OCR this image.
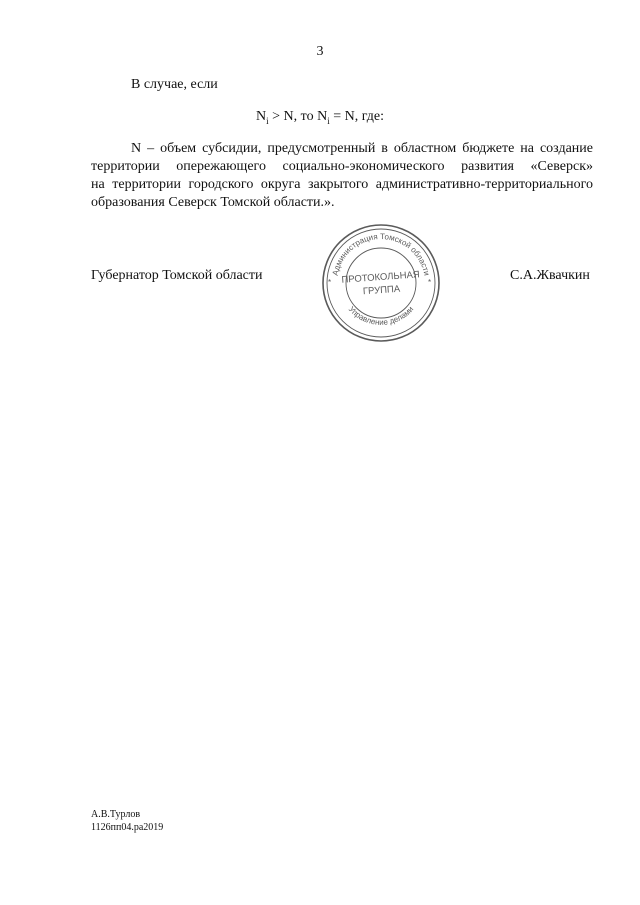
3
В случае, если
$N_i > N$, то $N_i = N$, где:
N – объем субсидии, предусмотренный в областном бюджете на создание
территории опережающего социально-экономического развития «Северск»
на территории городского округа закрытого административно-территориального
образования Северск Томской области.».
Губернатор Томской области	С.А.Жвачкин
Администрация Томской области
Управление делами
*	*
ПРОТОКОЛЬНАЯ
ГРУППА
А.В.Турлов
1126пп04.ра2019
